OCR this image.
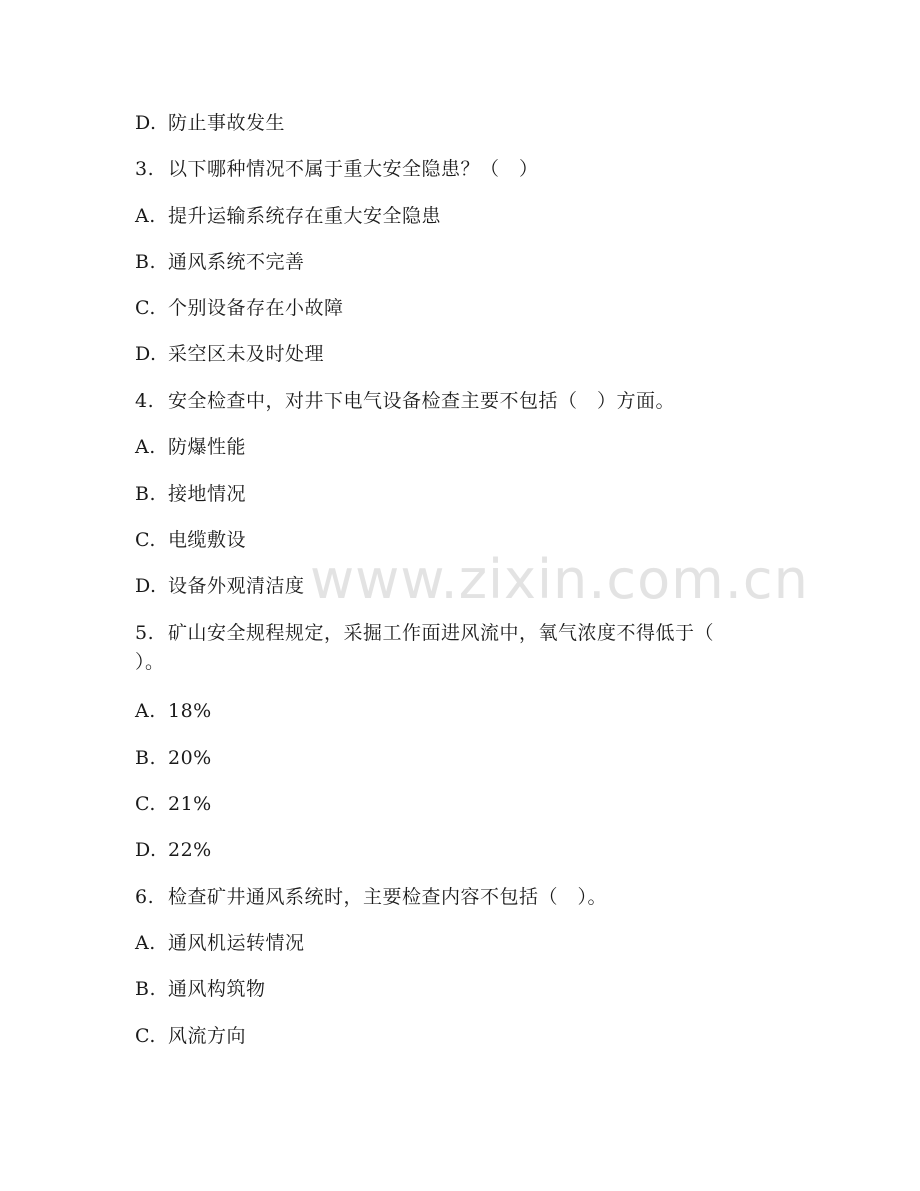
www.zixin.com.cn
D. 防止事故发生
3. 以下哪种情况不属于重大安全隐患？（　）
A. 提升运输系统存在重大安全隐患
B. 通风系统不完善
C. 个别设备存在小故障
D. 采空区未及时处理
4. 安全检查中，对井下电气设备检查主要不包括（　）方面。
A. 防爆性能
B. 接地情况
C. 电缆敷设
D. 设备外观清洁度
5. 矿山安全规程规定，采掘工作面进风流中，氧气浓度不得低于（
）。
A. 18%
B. 20%
C. 21%
D. 22%
6. 检查矿井通风系统时，主要检查内容不包括（　）。
A. 通风机运转情况
B. 通风构筑物
C. 风流方向
